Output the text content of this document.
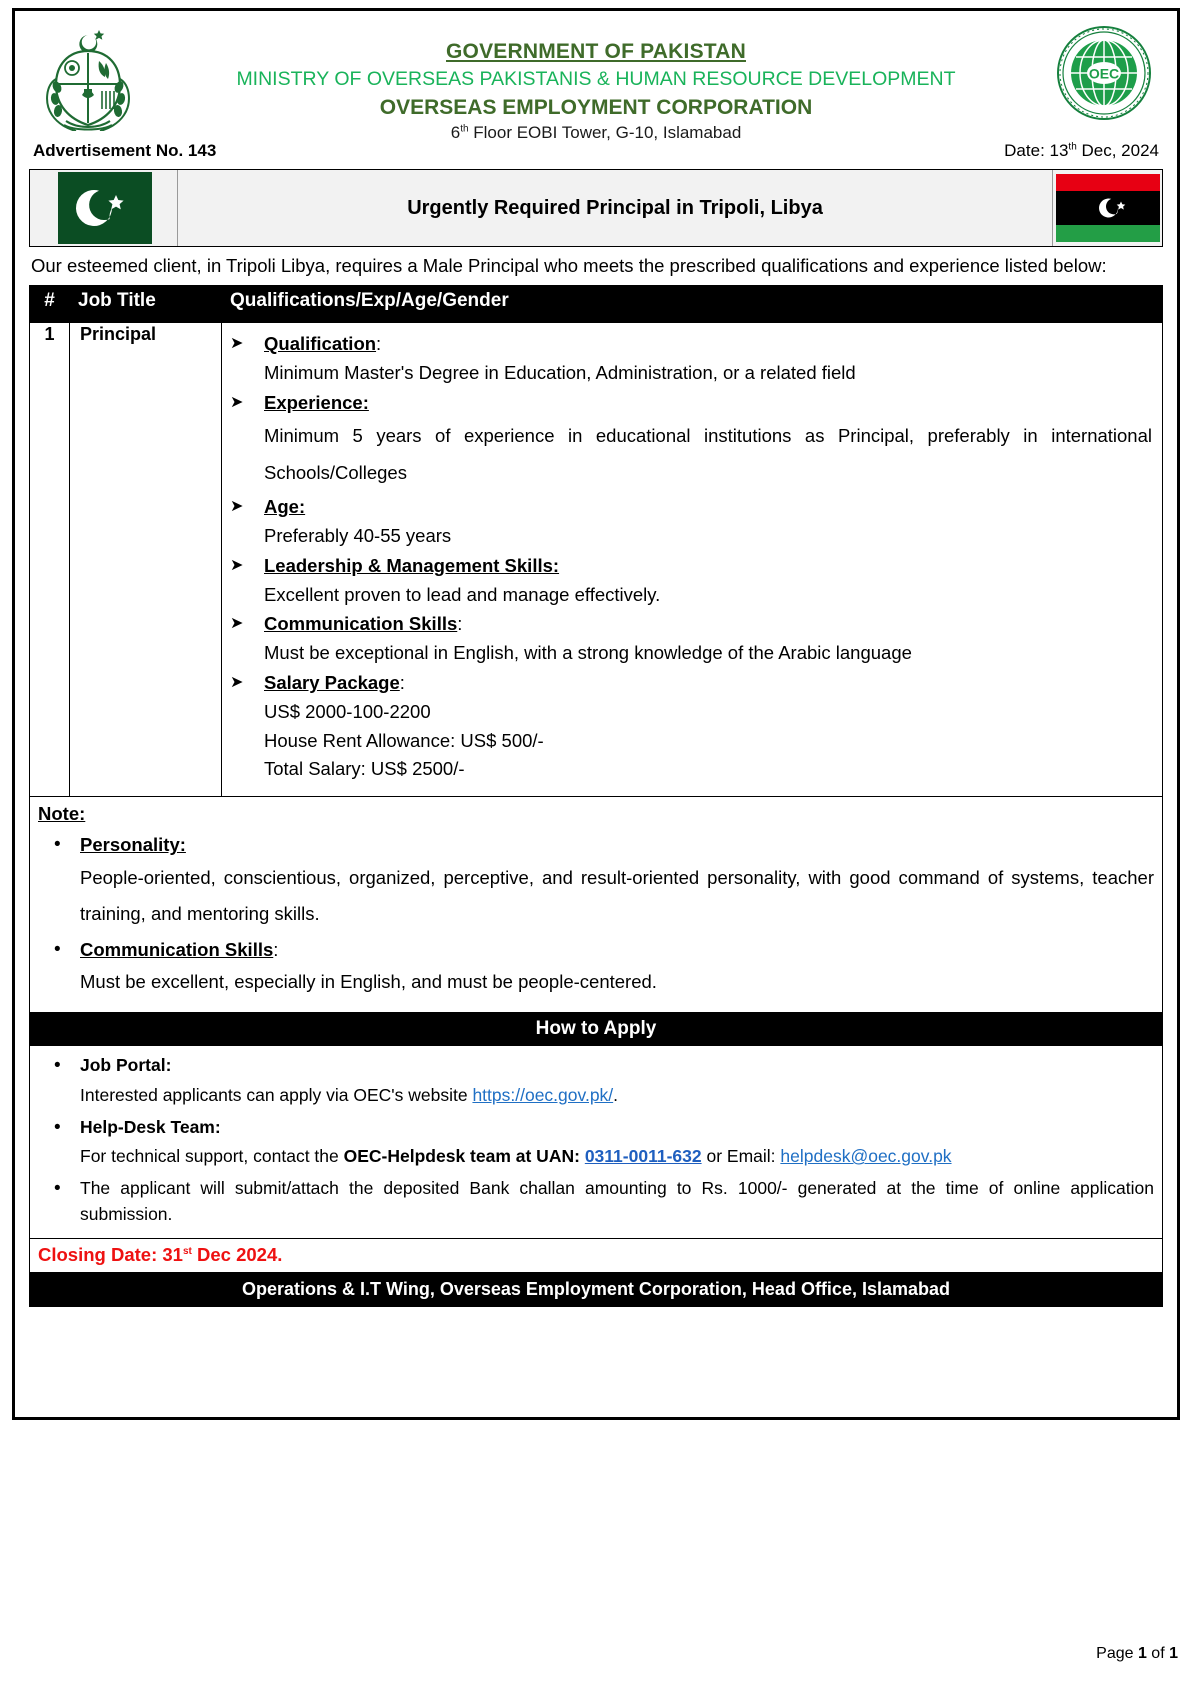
GOVERNMENT OF PAKISTAN
MINISTRY OF OVERSEAS PAKISTANIS & HUMAN RESOURCE DEVELOPMENT
OVERSEAS EMPLOYMENT CORPORATION
6th Floor EOBI Tower, G-10, Islamabad
OEC
Advertisement No. 143	Date: 13th Dec, 2024
Urgently Required Principal in Tripoli, Libya
Our esteemed client, in Tripoli Libya, requires a Male Principal who meets the prescribed qualifications and experience listed below:
#	Job Title	Qualifications/Exp/Age/Gender	
1	Principal	➤	Qualification:
Minimum Master's Degree in Education, Administration, or a related field
➤	Experience:
Minimum 5 years of experience in educational institutions as Principal, preferably in international Schools/Colleges
➤	Age:
Preferably 40-55 years
➤	Leadership & Management Skills:
Excellent proven to lead and manage effectively.
➤	Communication Skills:
Must be exceptional in English, with a strong knowledge of the Arabic language
➤	Salary Package:
US$ 2000-100-2200
House Rent Allowance: US$ 500/-
Total Salary: US$ 2500/-

Note:
•	Personality:
People-oriented, conscientious, organized, perceptive, and result-oriented personality, with good command of systems, teacher training, and mentoring skills.
•	Communication Skills:
Must be excellent, especially in English, and must be people-centered.

How to Apply			

•	Job Portal:
Interested applicants can apply via OEC's website https://oec.gov.pk/.
•	Help-Desk Team:
For technical support, contact the OEC-Helpdesk team at UAN: 0311-0011-632 or Email: helpdesk@oec.gov.pk
•	The applicant will submit/attach the deposited Bank challan amounting to Rs. 1000/- generated at the time of online application submission.

Closing Date: 31st Dec 2024.			
Operations & I.T Wing, Overseas Employment Corporation, Head Office, Islamabad			
Page 1 of 1
